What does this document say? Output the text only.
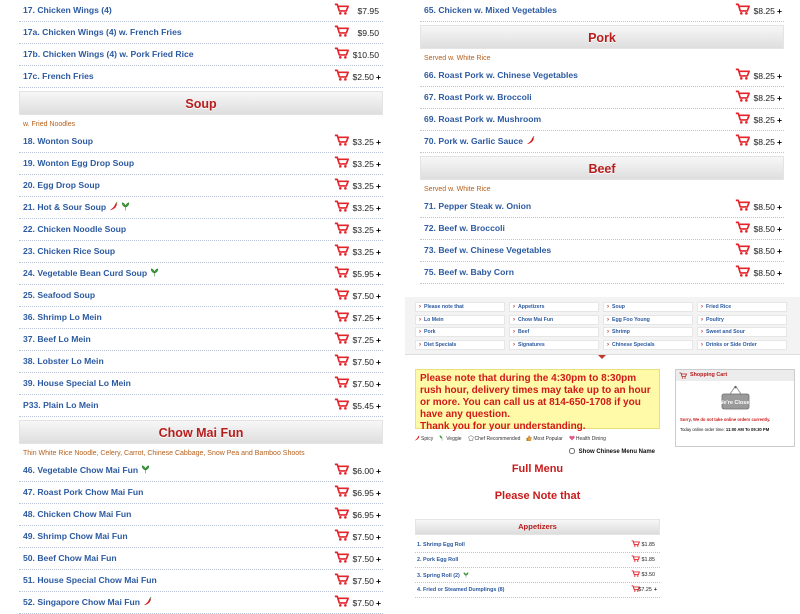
17. Chicken Wings (4)	$7.95
17a. Chicken Wings (4) w. French Fries	$9.50
17b. Chicken Wings (4) w. Pork Fried Rice	$10.50
17c. French Fries	$2.50 +
Soup
w. Fried Noodles
18. Wonton Soup	$3.25 +
19. Wonton Egg Drop Soup	$3.25 +
20. Egg Drop Soup	$3.25 +
21. Hot & Sour Soup	$3.25 +
22. Chicken Noodle Soup	$3.25 +
23. Chicken Rice Soup	$3.25 +
24. Vegetable Bean Curd Soup	$5.95 +
25. Seafood Soup	$7.50 +
36. Shrimp Lo Mein	$7.25 +
37. Beef Lo Mein	$7.25 +
38. Lobster Lo Mein	$7.50 +
39. House Special Lo Mein	$7.50 +
P33. Plain Lo Mein	$5.45 +
Chow Mai Fun
Thin White Rice Noodle, Celery, Carrot, Chinese Cabbage, Snow Pea and Bamboo Shoots
46. Vegetable Chow Mai Fun	$6.00 +
47. Roast Pork Chow Mai Fun	$6.95 +
48. Chicken Chow Mai Fun	$6.95 +
49. Shrimp Chow Mai Fun	$7.50 +
50. Beef Chow Mai Fun	$7.50 +
51. House Special Chow Mai Fun	$7.50 +
52. Singapore Chow Mai Fun	$7.50 +
65. Chicken w. Mixed Vegetables	$8.25 +
Pork
Served w. White Rice
66. Roast Pork w. Chinese Vegetables	$8.25 +
67. Roast Pork w. Broccoli	$8.25 +
69. Roast Pork w. Mushroom	$8.25 +
70. Pork w. Garlic Sauce	$8.25 +
Beef
Served w. White Rice
71. Pepper Steak w. Onion	$8.50 +
72. Beef w. Broccoli	$8.50 +
73. Beef w. Chinese Vegetables	$8.50 +
75. Beef w. Baby Corn	$8.50 +
› Please note that	› Appetizers	› Soup	› Fried Rice
› Lo Mein	› Chow Mai Fun	› Egg Foo Young	› Poultry
› Pork	› Beef	› Shrimp	› Sweet and Sour
› Diet Specials	› Signatures	› Chinese Specials	› Drinks or Side Order

Please note that during the 4:30pm to 8:30pm rush hour, delivery times may take up to an hour or more. You can call us at 814-650-1708 if you have any question.

Thank you for your understanding.

Spicy	Veggie	Chef Recommended	Most Popular	Health Dining
Show Chinese Menu Name
Full Menu
Please Note that
Appetizers
1. Shrimp Egg Roll	$1.85
2. Pork Egg Roll	$1.85
3. Spring Roll (2)	$3.50
4. Fried or Steamed Dumplings (8)	$7.25 +
Shopping Cart
We're Closed
Sorry, We do not take online orders currently.
Today online order time: 11:00 AM To 09:30 PM
